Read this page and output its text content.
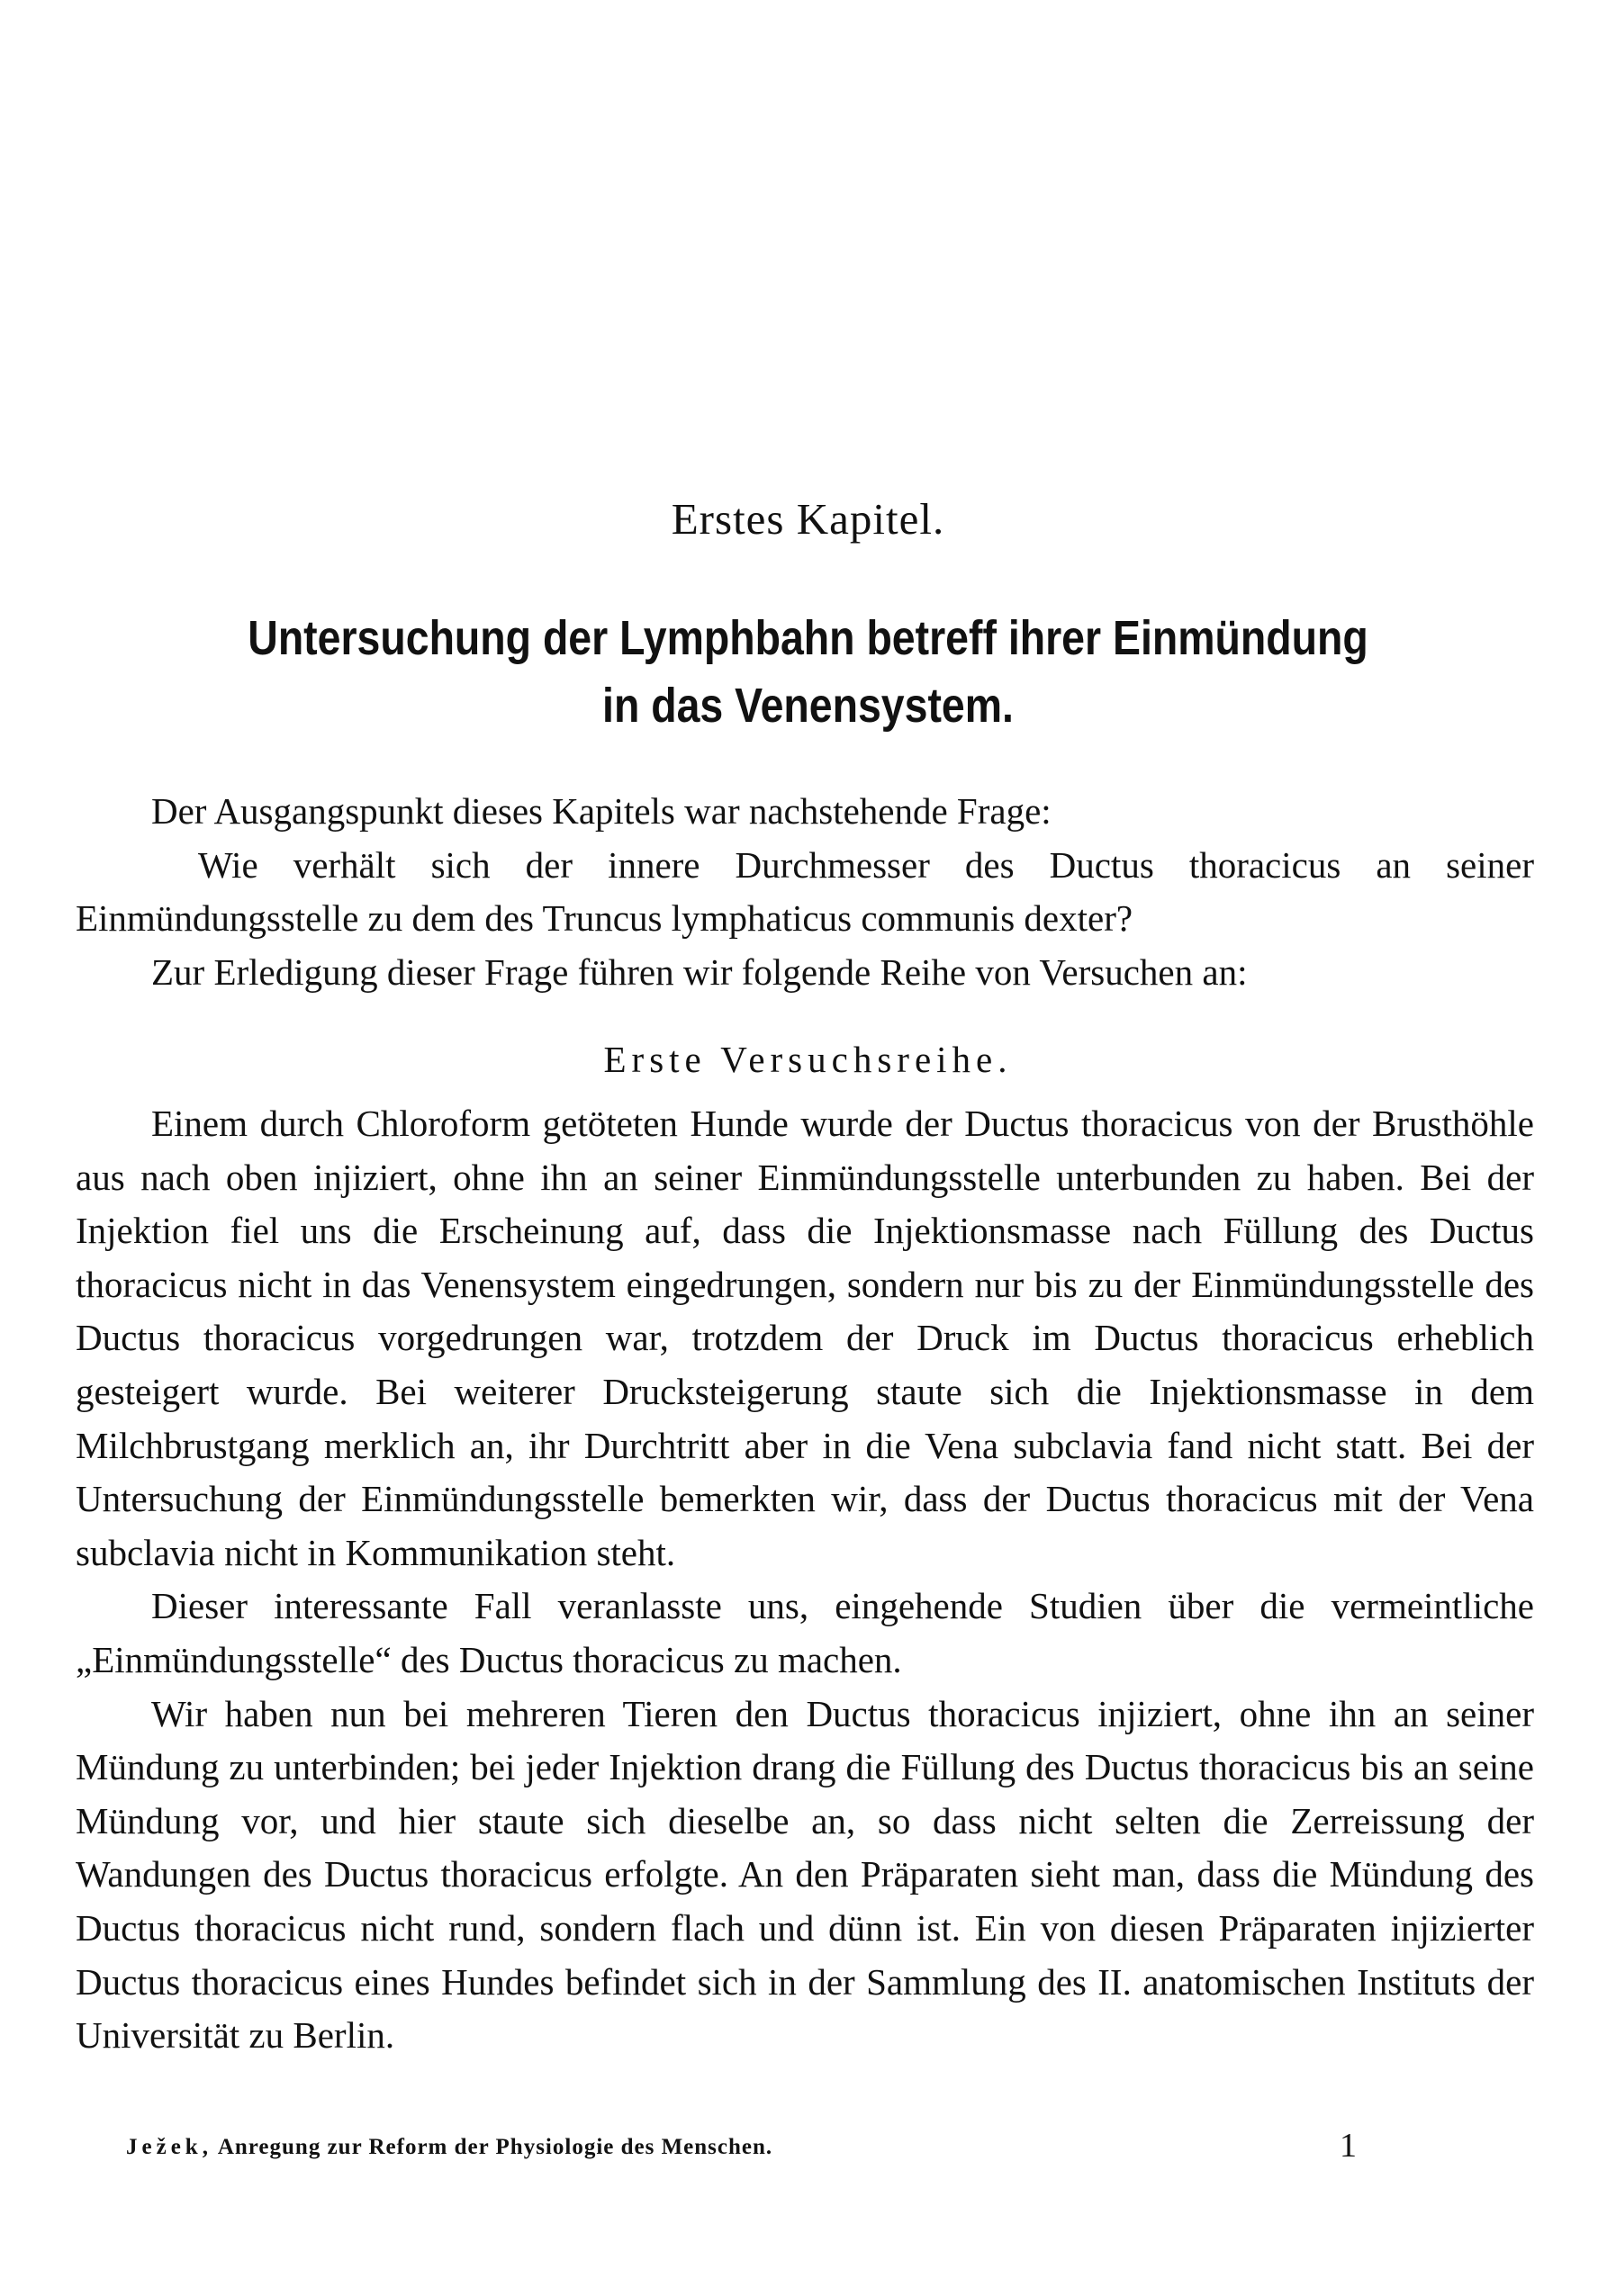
Erstes Kapitel.
Untersuchung der Lymphbahn betreff ihrer Einmündung
in das Venensystem.

Der Ausgangspunkt dieses Kapitels war nachstehende Frage:

Wie verhält sich der innere Durchmesser des Ductus thoracicus an seiner Einmündungsstelle zu dem des Truncus lymphaticus communis dexter?

Zur Erledigung dieser Frage führen wir folgende Reihe von Versuchen an:

Erste Versuchsreihe.

Einem durch Chloroform getöteten Hunde wurde der Ductus thoracicus von der Brusthöhle aus nach oben injiziert, ohne ihn an seiner Einmündungsstelle unterbunden zu haben. Bei der Injektion fiel uns die Erscheinung auf, dass die Injektionsmasse nach Füllung des Ductus thoracicus nicht in das Venensystem eingedrungen, sondern nur bis zu der Einmündungsstelle des Ductus thoracicus vorgedrungen war, trotzdem der Druck im Ductus thoracicus erheblich gesteigert wurde. Bei weiterer Drucksteigerung staute sich die Injektionsmasse in dem Milchbrustgang merklich an, ihr Durchtritt aber in die Vena subclavia fand nicht statt. Bei der Untersuchung der Einmündungsstelle bemerkten wir, dass der Ductus thoracicus mit der Vena subclavia nicht in Kommunikation steht.

Dieser interessante Fall veranlasste uns, eingehende Studien über die vermeintliche „Einmündungsstelle“ des Ductus thoracicus zu machen.

Wir haben nun bei mehreren Tieren den Ductus thoracicus injiziert, ohne ihn an seiner Mündung zu unterbinden; bei jeder Injektion drang die Füllung des Ductus thoracicus bis an seine Mündung vor, und hier staute sich dieselbe an, so dass nicht selten die Zerreissung der Wandungen des Ductus thoracicus erfolgte. An den Präparaten sieht man, dass die Mündung des Ductus thoracicus nicht rund, sondern flach und dünn ist. Ein von diesen Präparaten injizierter Ductus thoracicus eines Hundes befindet sich in der Sammlung des II. anatomischen Instituts der Universität zu Berlin.

Ježek, Anregung zur Reform der Physiologie des Menschen.	1
